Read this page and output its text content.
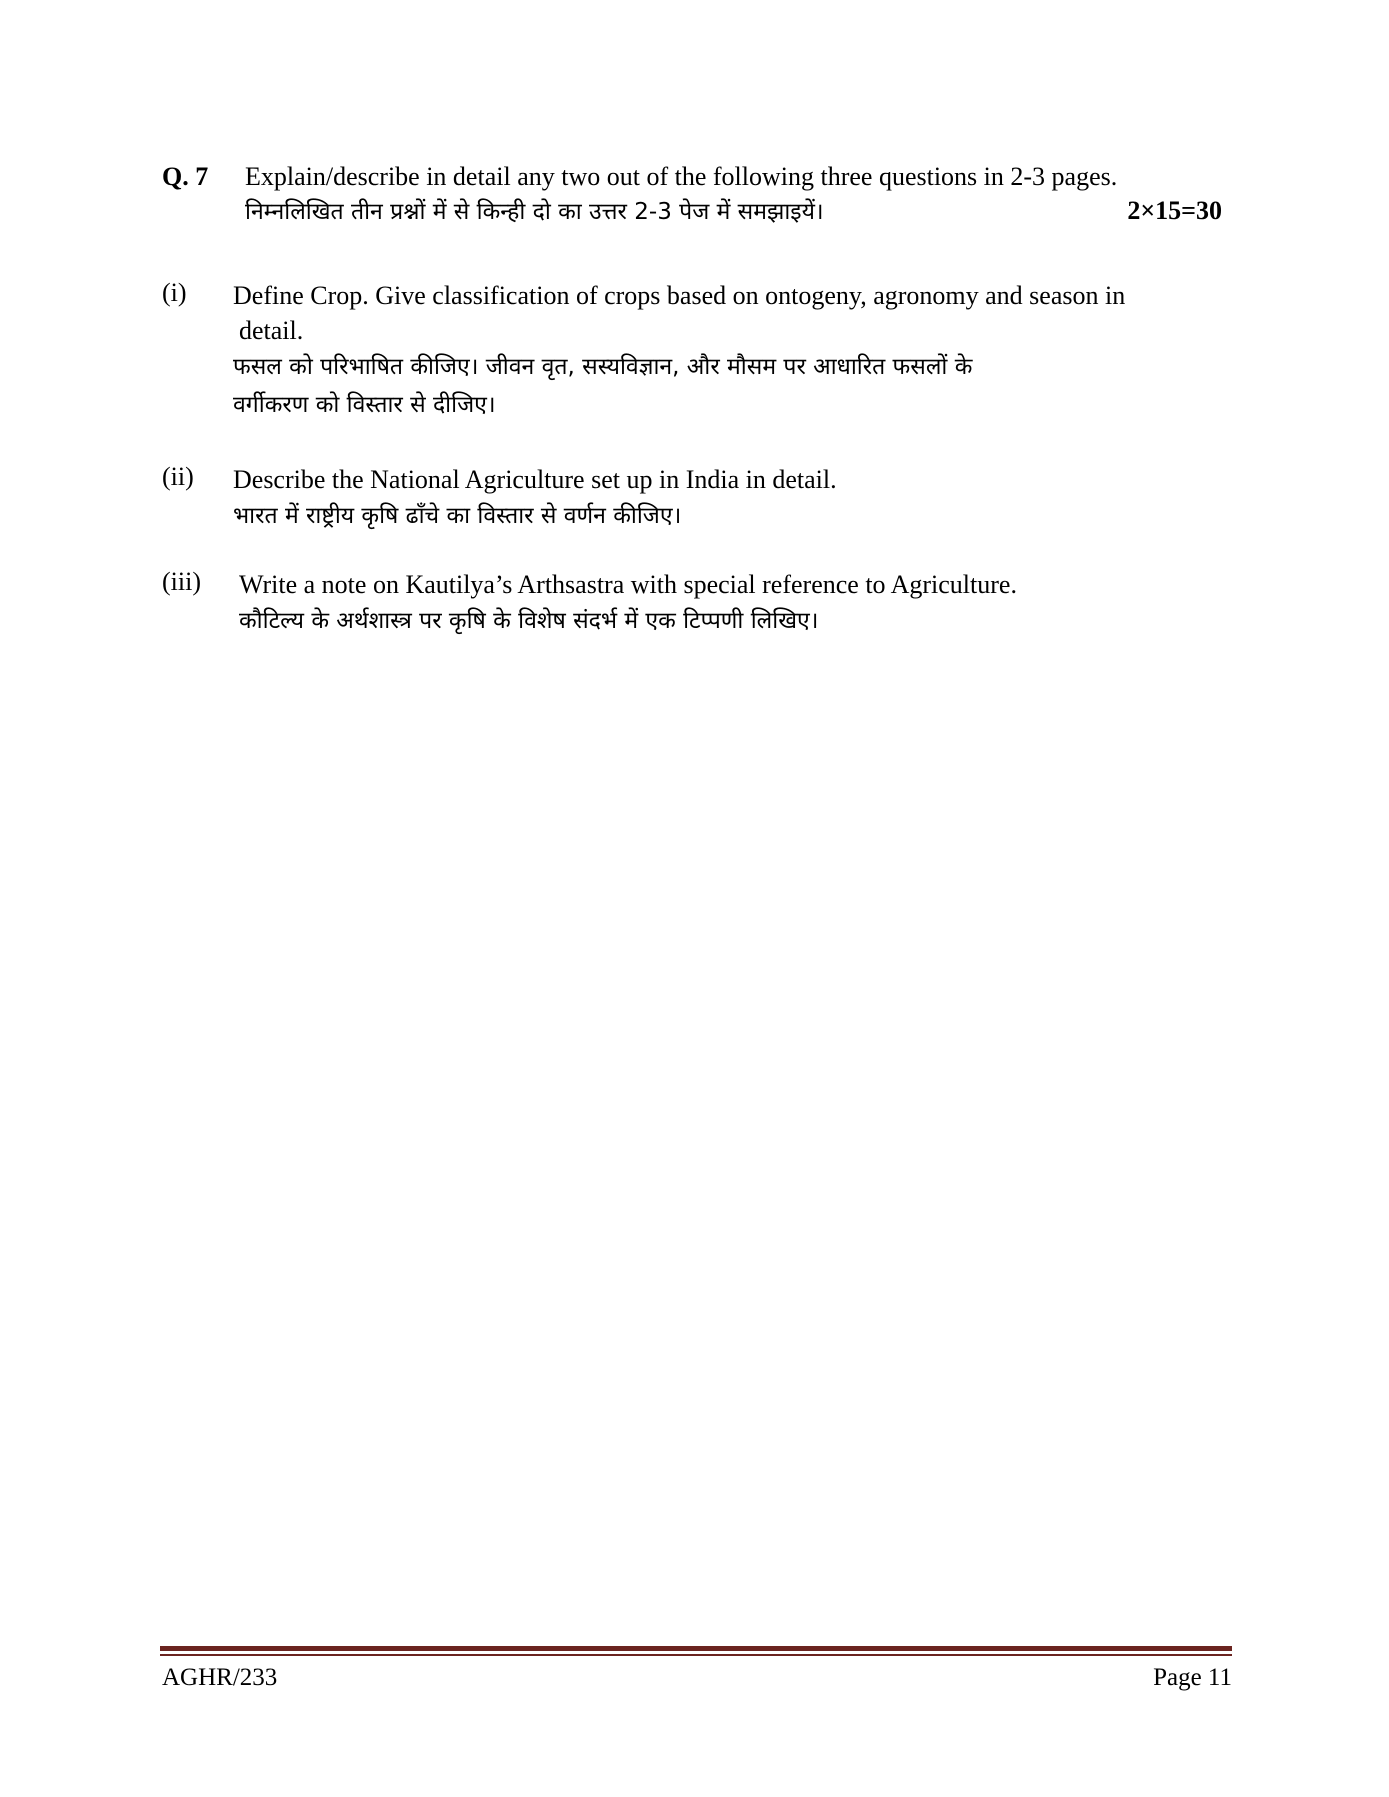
Q. 7 Explain/describe in detail any two out of the following three questions in 2-3 pages.
निम्नलिखित तीन प्रश्नों में से किन्ही दो का उत्तर 2-3 पेज में समझाइयें।	2×15=30
(i) Define Crop. Give classification of crops based on ontogeny, agronomy and season in
detail.
फसल को परिभाषित कीजिए। जीवन वृत, सस्यविज्ञान, और मौसम पर आधारित फसलों के
वर्गीकरण को विस्तार से दीजिए।
(ii) Describe the National Agriculture set up in India in detail.
भारत में राष्ट्रीय कृषि ढाँचे का विस्तार से वर्णन कीजिए।
(iii) Write a note on Kautilya’s Arthsastra with special reference to Agriculture.
कौटिल्य के अर्थशास्त्र पर कृषि के विशेष संदर्भ में एक टिप्पणी लिखिए।
AGHR/233	Page 11
